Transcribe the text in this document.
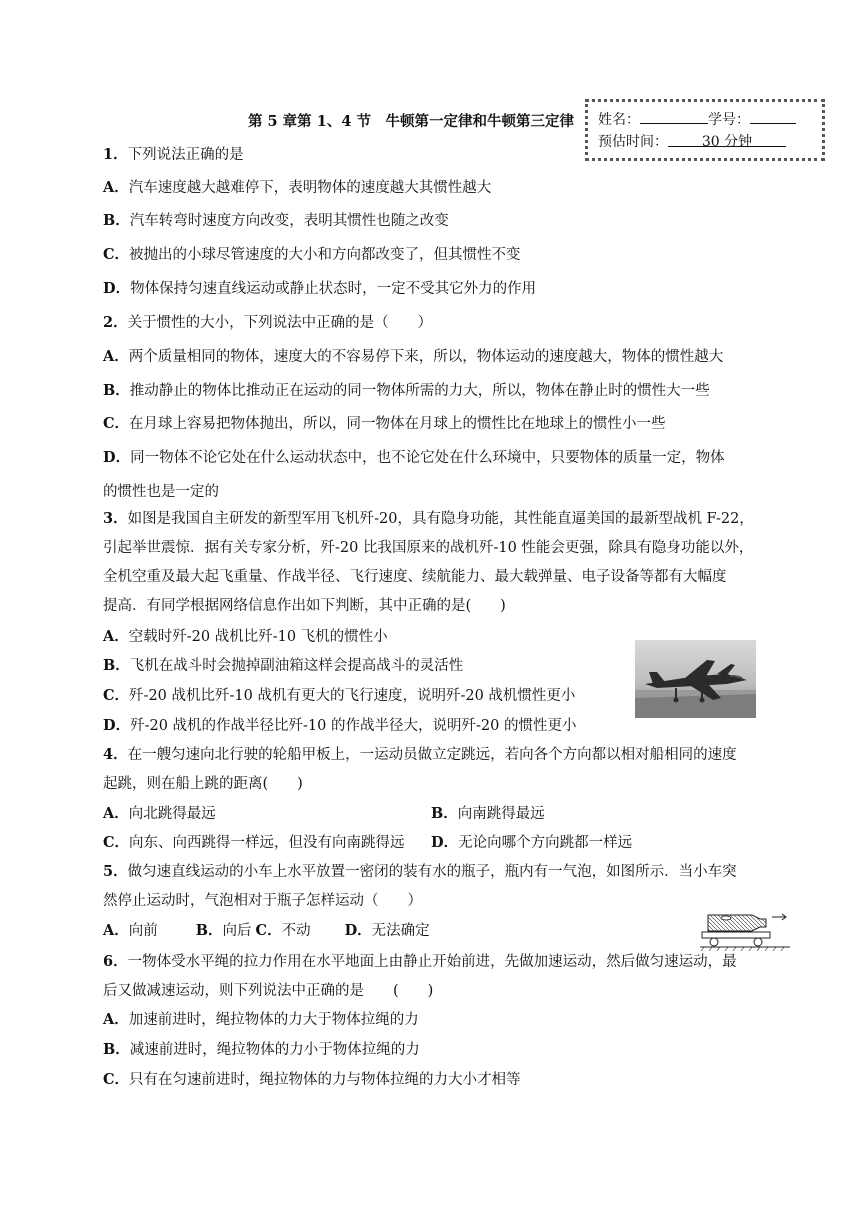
第 5 章第 1、4 节　牛顿第一定律和牛顿第三定律 姓名：	学号：
预估时间： 30 分钟
1．下列说法正确的是
A．汽车速度越大越难停下，表明物体的速度越大其惯性越大
B．汽车转弯时速度方向改变，表明其惯性也随之改变
C．被抛出的小球尽管速度的大小和方向都改变了，但其惯性不变
D．物体保持匀速直线运动或静止状态时，一定不受其它外力的作用
2．关于惯性的大小，下列说法中正确的是（　　）
A．两个质量相同的物体，速度大的不容易停下来，所以，物体运动的速度越大，物体的惯性越大
B．推动静止的物体比推动正在运动的同一物体所需的力大，所以，物体在静止时的惯性大一些
C．在月球上容易把物体抛出，所以，同一物体在月球上的惯性比在地球上的惯性小一些
D．同一物体不论它处在什么运动状态中，也不论它处在什么环境中，只要物体的质量一定，物体
的惯性也是一定的
3．如图是我国自主研发的新型军用飞机歼-20，具有隐身功能，其性能直逼美国的最新型战机 F-22，
引起举世震惊．据有关专家分析，歼-20 比我国原来的战机歼-10 性能会更强，除具有隐身功能以外，
全机空重及最大起飞重量、作战半径、飞行速度、续航能力、最大载弹量、电子设备等都有大幅度
提高．有同学根据网络信息作出如下判断，其中正确的是(　　)
A．空载时歼-20 战机比歼-10 飞机的惯性小
B．飞机在战斗时会抛掉副油箱这样会提高战斗的灵活性
C．歼-20 战机比歼-10 战机有更大的飞行速度，说明歼-20 战机惯性更小
D．歼-20 战机的作战半径比歼-10 的作战半径大，说明歼-20 的惯性更小
4．在一艘匀速向北行驶的轮船甲板上，一运动员做立定跳远，若向各个方向都以相对船相同的速度
起跳，则在船上跳的距离(　　)
A．向北跳得最远	B．向南跳得最远
C．向东、向西跳得一样远，但没有向南跳得远 D．无论向哪个方向跳都一样远
5．做匀速直线运动的小车上水平放置一密闭的装有水的瓶子，瓶内有一气泡，如图所示．当小车突
然停止运动时，气泡相对于瓶子怎样运动（　　）
A．向前	B．向后 C．不动 D．无法确定
6．一物体受水平绳的拉力作用在水平地面上由静止开始前进，先做加速运动，然后做匀速运动，最
后又做减速运动，则下列说法中正确的是　　(　　)
A．加速前进时，绳拉物体的力大于物体拉绳的力
B．减速前进时，绳拉物体的力小于物体拉绳的力
C．只有在匀速前进时，绳拉物体的力与物体拉绳的力大小才相等
